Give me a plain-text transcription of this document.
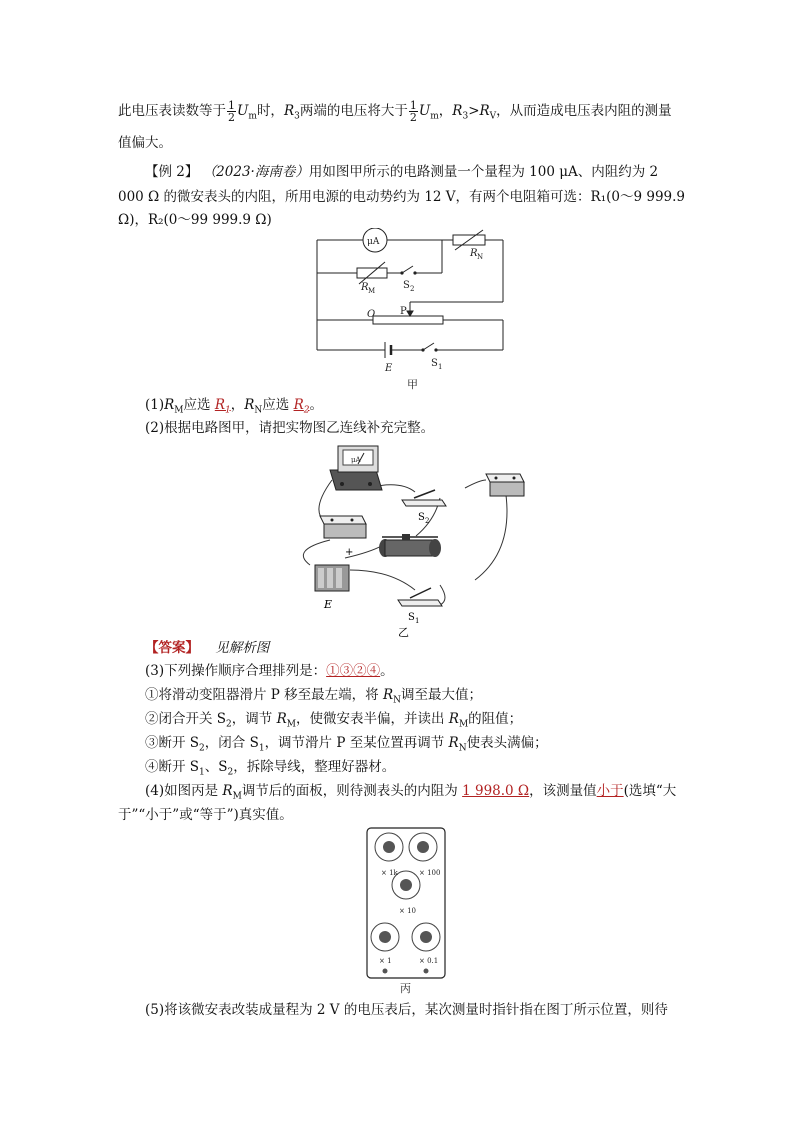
此电压表读数等于 $\frac{1}{2} U_m$时，$R_3$两端的电压将大于 $\frac{1}{2} U_m$，$R_3>R_V$，从而造成电压表内阻的测量
值偏大。
【例 2】 （2023·海南卷）用如图甲所示的电路测量一个量程为 100 μA、内阻约为 2
000 Ω 的微安表头的内阻，所用电源的电动势约为 12 V，有两个电阻箱可选：R₁(0～9 999.9
Ω)，R₂(0～99 999.9 Ω)
μA
R N
R M	S 2
O P
E	S 1
甲
$(1)R_M$应选 $R_1$，$R_N$应选 $R_2$。
(2)根据电路图甲，请把实物图乙连线补充完整。
μA
S 2
+
E
S 1
乙
【答案】 见解析图
(3)下列操作顺序合理排列是：①③②④。
①将滑动变阻器滑片 P 移至最左端，将 $R_N$调至最大值；
②闭合开关 $S_2$，调节 $R_M$，使微安表半偏，并读出 $R_M$的阻值；
③断开 $S_2$，闭合 $S_1$，调节滑片 P 至某位置再调节 $R_N$使表头满偏；
④断开 $S_1$、$S_2$，拆除导线，整理好器材。
(4)如图丙是 $R_M$调节后的面板，则待测表头的内阻为 1 998.0 Ω，该测量值小于(选填“大
于”“小于”或“等于”)真实值。
× 1k	× 100
× 10
× 1	× 0.1
丙
(5)将该微安表改装成量程为 2 V 的电压表后，某次测量时指针指在图丁所示位置，则待
